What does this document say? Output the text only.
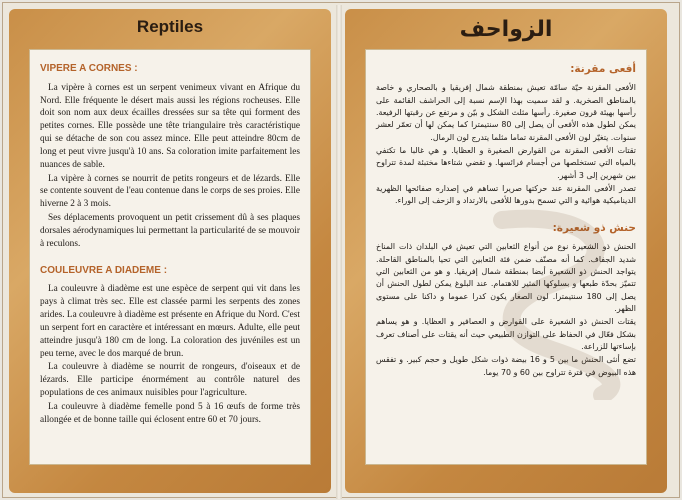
Reptiles
VIPERE A CORNES :

La vipère à cornes est un serpent venimeux vivant en Afrique du Nord. Elle fréquente le désert mais aussi les régions rocheuses. Elle doit son nom aux deux écailles dressées sur sa tête qui forment des petites cornes. Elle possède une tête triangulaire très caractéristique qui se détache de son cou assez mince. Elle peut atteindre 80cm de long et peut vivre jusqu'à 10 ans. Sa coloration imite parfaitement les nuances de sable.

La vipère à cornes se nourrit de petits rongeurs et de lézards. Elle se contente souvent de l'eau contenue dans le corps de ses proies. Elle hiverne 2 à 3 mois.

Ses déplacements provoquent un petit crissement dû à ses plaques dorsales aérodynamiques lui permettant la particularité de se mouvoir à reculons.

COULEUVRE A DIADEME :

La couleuvre à diadème est une espèce de serpent qui vit dans les pays à climat très sec. Elle est classée parmi les serpents des zones arides. La couleuvre à diadème est présente en Afrique du Nord. C'est un serpent fort en caractère et intéressant en mœurs. Adulte, elle peut atteindre jusqu'à 180 cm de long. La coloration des juvéniles est un peu terne, avec le dos marqué de brun.

La couleuvre à diadème se nourrit de rongeurs, d'oiseaux et de lézards. Elle participe énormément au contrôle naturel des populations de ces animaux nuisibles pour l'agriculture.

La couleuvre à diadème femelle pond 5 à 16 œufs de forme très allongée et de bonne taille qui éclosent entre 60 et 70 jours.

الزواحف
أفعى مقرنة:

الأفعى المقرنة حيّة سامّة تعيش بمنطقة شمال إفريقيا و بالصحاري و خاصة بالمناطق الصخرية. و لقد سميت بهذا الإسم نسبة إلى الحراشف القائمة على رأسها بهيئة قرون صغيرة. رأسها مثلث الشكل و بيّن و مرتفع عن رقبتها الرفيعة. يمكن لطول هذه الأفعى أن يصل إلى 80 سنتيمترا كما يمكن لها أن تعمّر لعشر سنوات. يتغيّر لون الأفعى المقرنة تماما مثلما يتدرج لون الرمال.

تقتات الأفعى المقرنة من القوارض الصغيرة و العظايا. و هي غالبا ما تكتفي بالمياه التي تستخلصها من أجسام فرائسها. و تقضي شتاءها مختبئة لمدة تتراوح بين شهرين إلى 3 أشهر.

تصدر الأفعى المقرنة عند حركتها صريرا تساهم في إصداره صفائحها الظهرية الديناميكية هوائية و التي تسمح بدورها للأفعى بالارتداد و الزحف إلى الوراء.

حنش ذو شعيرة:

الحنش ذو الشعيرة نوع من أنواع الثعابين التي تعيش في البلدان ذات المناخ شديد الجفاف. كما أنه مصنّف ضمن فئة الثعابين التي تحيا بالمناطق القاحلة. يتواجد الحنش ذو الشعيرة أيضا بمنطقة شمال إفريقيا. و هو من الثعابين التي تتميّز بحدّة طبعها و بسلوكها المثير للاهتمام. عند البلوغ يمكن لطول الحنش أن يصل إلى 180 سنتيمترا. لون الصغار يكون كدرا عموما و داكنا على مستوى الظهر.

يقتات الحنش ذو الشعيرة على القوارض و العصافير و العظايا. و هو يساهم بشكل فعّال في الحفاظ على التوازن الطبيعي حيث أنه يقتات على أصناف تعرف بإساءتها للزراعة.

تضع أنثى الحنش ما بين 5 و 16 بيضة ذوات شكل طويل و حجم كبير. و تفقس هذه البيوض في فترة تتراوح بين 60 و 70 يوما.
